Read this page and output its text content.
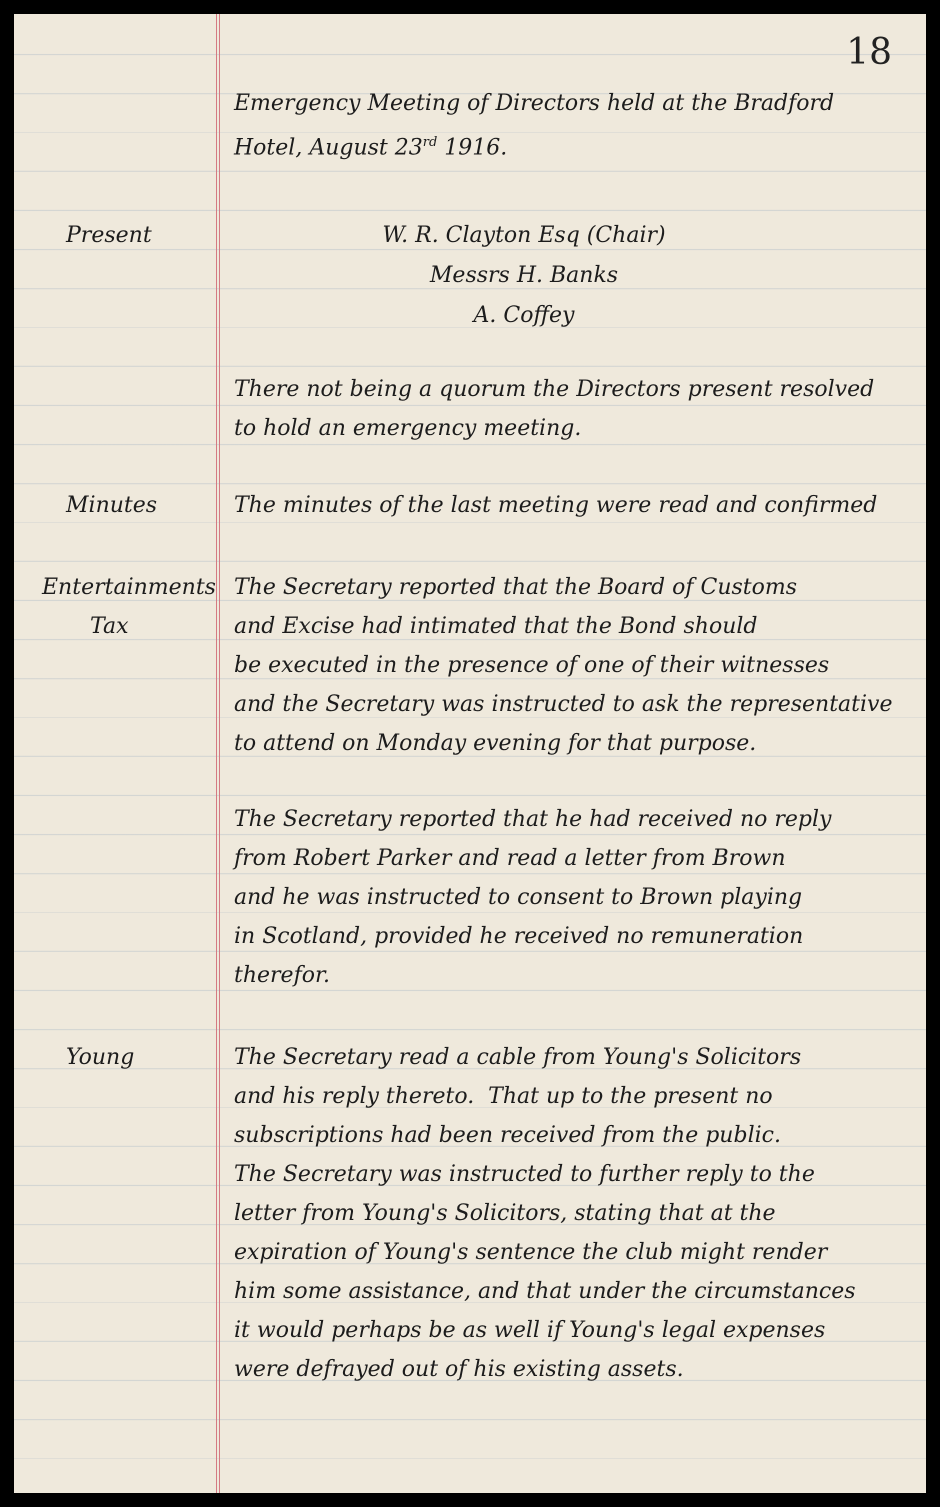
18
Emergency Meeting of Directors held at the Bradford
Hotel, August 23rd 1916.
Present	W. R. Clayton Esq (Chair)
Messrs H. Banks
A. Coffey
There not being a quorum the Directors present resolved
to hold an emergency meeting.
Minutes	The minutes of the last meeting were read and confirmed
Entertainments
Tax
The Secretary reported that the Board of Customs
and Excise had intimated that the Bond should
be executed in the presence of one of their witnesses
and the Secretary was instructed to ask the representative
to attend on Monday evening for that purpose.
The Secretary reported that he had received no reply
from Robert Parker and read a letter from Brown
and he was instructed to consent to Brown playing
in Scotland, provided he received no remuneration
therefor.
Young	The Secretary read a cable from Young's Solicitors
and his reply thereto.  That up to the present no
subscriptions had been received from the public.
The Secretary was instructed to further reply to the
letter from Young's Solicitors, stating that at the
expiration of Young's sentence the club might render
him some assistance, and that under the circumstances
it would perhaps be as well if Young's legal expenses
were defrayed out of his existing assets.
